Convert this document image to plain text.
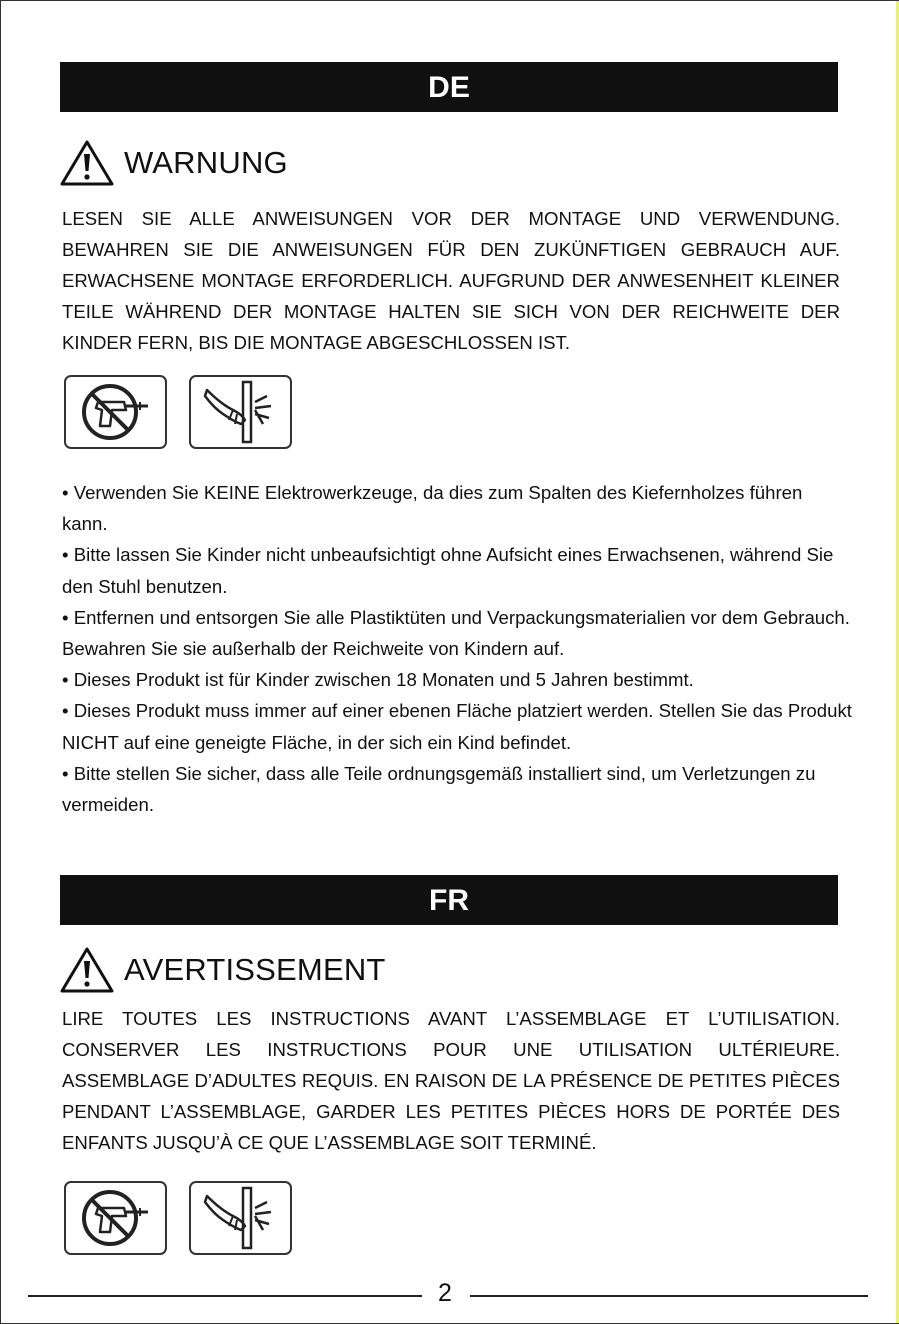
DE
WARNUNG

LESEN SIE ALLE ANWEISUNGEN VOR DER MONTAGE UND VERWENDUNG. BEWAHREN SIE DIE ANWEISUNGEN FÜR DEN ZUKÜNFTIGEN GEBRAUCH AUF. ERWACHSENE MONTAGE ERFORDERLICH. AUFGRUND DER ANWESENHEIT KLEINER TEILE WÄHREND DER MONTAGE HALTEN SIE SICH VON DER REICHWEITE DER KINDER FERN, BIS DIE MONTAGE ABGESCHLOSSEN IST.

• Verwenden Sie KEINE Elektrowerkzeuge, da dies zum Spalten des Kiefernholzes führen kann.
• Bitte lassen Sie Kinder nicht unbeaufsichtigt ohne Aufsicht eines Erwachsenen, während Sie den Stuhl benutzen.
• Entfernen und entsorgen Sie alle Plastiktüten und Verpackungsmaterialien vor dem Gebrauch. Bewahren Sie sie außerhalb der Reichweite von Kindern auf.
• Dieses Produkt ist für Kinder zwischen 18 Monaten und 5 Jahren bestimmt.
• Dieses Produkt muss immer auf einer ebenen Fläche platziert werden. Stellen Sie das Produkt NICHT auf eine geneigte Fläche, in der sich ein Kind befindet.
• Bitte stellen Sie sicher, dass alle Teile ordnungsgemäß installiert sind, um Verletzungen zu vermeiden.
FR
AVERTISSEMENT

LIRE TOUTES LES INSTRUCTIONS AVANT L’ASSEMBLAGE ET L’UTILISATION. CONSERVER LES INSTRUCTIONS POUR UNE UTILISATION ULTÉRIEURE. ASSEMBLAGE D’ADULTES REQUIS. EN RAISON DE LA PRÉSENCE DE PETITES PIÈCES PENDANT L’ASSEMBLAGE, GARDER LES PETITES PIÈCES HORS DE PORTÉE DES ENFANTS JUSQU’À CE QUE L’ASSEMBLAGE SOIT TERMINÉ.

2
